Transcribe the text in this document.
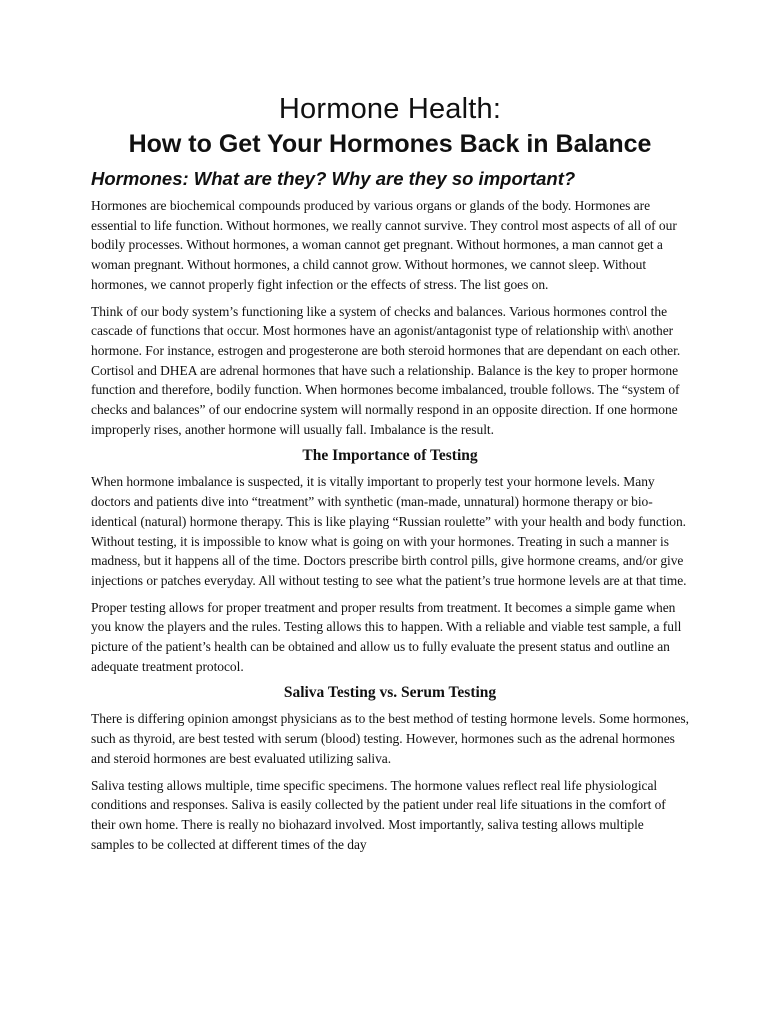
Hormone Health:
How to Get Your Hormones Back in Balance
Hormones: What are they? Why are they so important?

Hormones are biochemical compounds produced by various organs or glands of the body. Hormones are essential to life function. Without hormones, we really cannot survive. They control most aspects of all of our bodily processes. Without hormones, a woman cannot get pregnant. Without hormones, a man cannot get a woman pregnant. Without hormones, a child cannot grow. Without hormones, we cannot sleep. Without hormones, we cannot properly fight infection or the effects of stress. The list goes on.

Think of our body system’s functioning like a system of checks and balances. Various hormones control the cascade of functions that occur. Most hormones have an agonist/antagonist type of relationship with\ another hormone. For instance, estrogen and progesterone are both steroid hormones that are dependant on each other. Cortisol and DHEA are adrenal hormones that have such a relationship. Balance is the key to proper hormone function and therefore, bodily function. When hormones become imbalanced, trouble follows. The “system of checks and balances” of our endocrine system will normally respond in an opposite direction. If one hormone improperly rises, another hormone will usually fall. Imbalance is the result.

The Importance of Testing

When hormone imbalance is suspected, it is vitally important to properly test your hormone levels. Many doctors and patients dive into “treatment” with synthetic (man-made, unnatural) hormone therapy or bio-identical (natural) hormone therapy. This is like playing “Russian roulette” with your health and body function. Without testing, it is impossible to know what is going on with your hormones. Treating in such a manner is madness, but it happens all of the time. Doctors prescribe birth control pills, give hormone creams, and/or give injections or patches everyday. All without testing to see what the patient’s true hormone levels are at that time.

Proper testing allows for proper treatment and proper results from treatment. It becomes a simple game when you know the players and the rules. Testing allows this to happen. With a reliable and viable test sample, a full picture of the patient’s health can be obtained and allow us to fully evaluate the present status and outline an adequate treatment protocol.

Saliva Testing vs. Serum Testing

There is differing opinion amongst physicians as to the best method of testing hormone levels. Some hormones, such as thyroid, are best tested with serum (blood) testing. However, hormones such as the adrenal hormones and steroid hormones are best evaluated utilizing saliva.

Saliva testing allows multiple, time specific specimens. The hormone values reflect real life physiological conditions and responses. Saliva is easily collected by the patient under real life situations in the comfort of their own home. There is really no biohazard involved. Most importantly, saliva testing allows multiple samples to be collected at different times of the day
